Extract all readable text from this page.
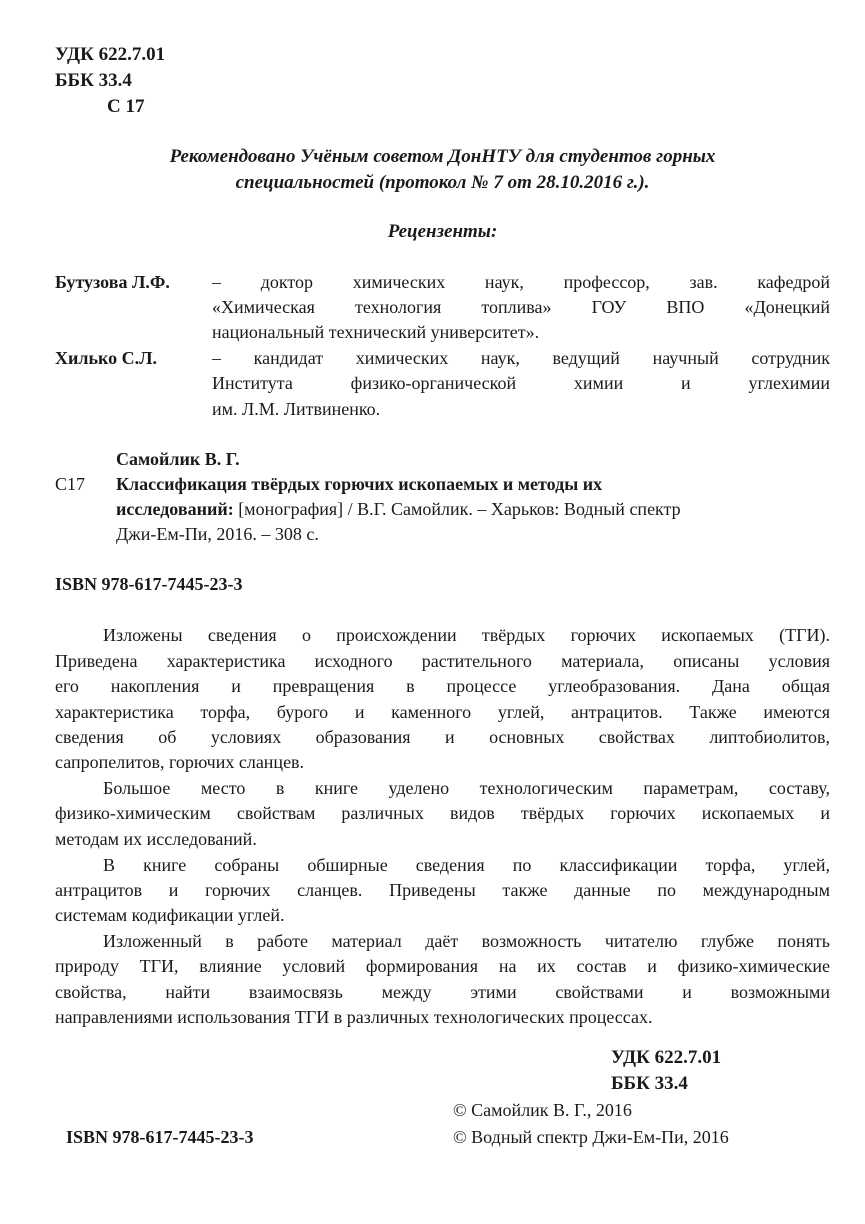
УДК 622.7.01
ББК 33.4
С 17
Рекомендовано Учёным советом ДонНТУ для студентов горных
специальностей (протокол № 7 от 28.10.2016 г.).
Рецензенты:
Бутузова Л.Ф. – доктор химических наук, профессор, зав. кафедрой
«Химическая технология топлива» ГОУ ВПО «Донецкий
национальный технический университет».
Хилько С.Л.	– кандидат химических наук, ведущий научный сотрудник
Института физико-органической химии и углехимии
им. Л.М. Литвиненко.
Самойлик В. Г.
С17 Классификация твёрдых горючих ископаемых и методы их
исследований: [монография] / В.Г. Самойлик. – Харьков: Водный спектр
Джи-Ем-Пи, 2016. – 308 с.
ISBN 978-617-7445-23-3
Изложены сведения о происхождении твёрдых горючих ископаемых (ТГИ).
Приведена характеристика исходного растительного материала, описаны условия
его накопления и превращения в процессе углеобразования. Дана общая
характеристика торфа, бурого и каменного углей, антрацитов. Также имеются
сведения об условиях образования и основных свойствах липтобиолитов,
сапропелитов, горючих сланцев.
Большое место в книге уделено технологическим параметрам, составу,
физико-химическим свойствам различных видов твёрдых горючих ископаемых и
методам их исследований.
В книге собраны обширные сведения по классификации торфа, углей,
антрацитов и горючих сланцев. Приведены также данные по международным
системам кодификации углей.
Изложенный в работе материал даёт возможность читателю глубже понять
природу ТГИ, влияние условий формирования на их состав и физико-химические
свойства, найти взаимосвязь между этими свойствами и возможными
направлениями использования ТГИ в различных технологических процессах.
УДК 622.7.01
ББК 33.4
© Самойлик В. Г., 2016
ISBN 978-617-7445-23-3	© Водный спектр Джи-Ем-Пи, 2016
